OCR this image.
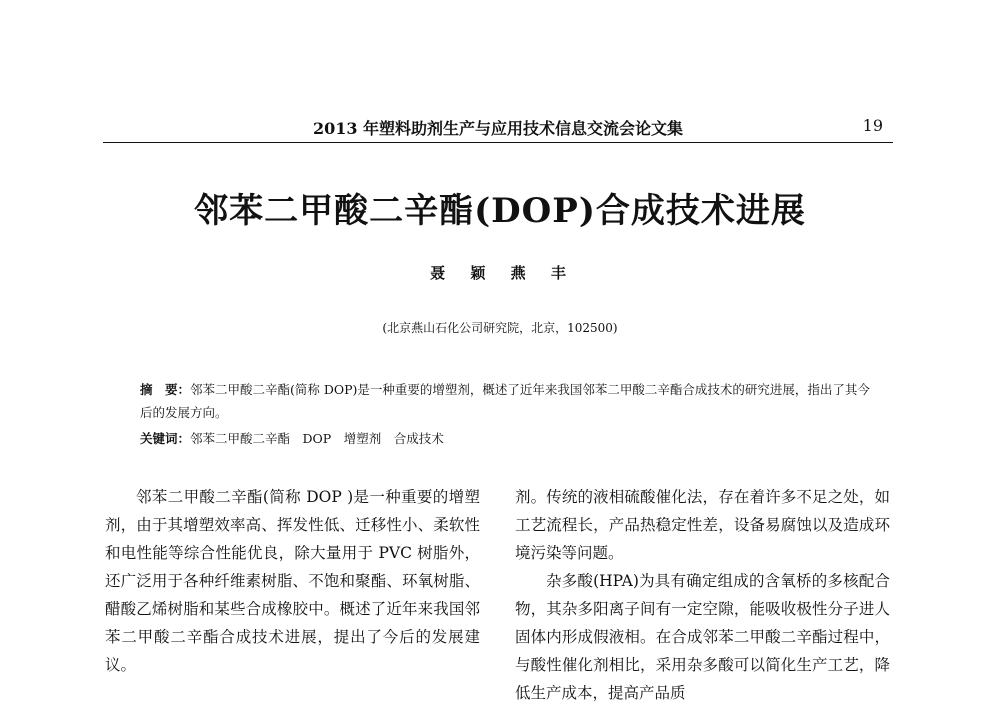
2013 年塑料助剂生产与应用技术信息交流会论文集	19
邻苯二甲酸二辛酯(DOP)合成技术进展
聂 颖 燕 丰
(北京燕山石化公司研究院，北京，102500)
摘　要：邻苯二甲酸二辛酯(简称 DOP)是一种重要的增塑剂，概述了近年来我国邻苯二甲酸二辛酯合成技术的研究进展，指出了其今后的发展方向。
关键词：邻苯二甲酸二辛酯　DOP　增塑剂　合成技术

邻苯二甲酸二辛酯(简称 DOP )是一种重要的增塑剂，由于其增塑效率高、挥发性低、迁移性小、柔软性和电性能等综合性能优良，除大量用于 PVC 树脂外，还广泛用于各种纤维素树脂、不饱和聚酯、环氧树脂、醋酸乙烯树脂和某些合成橡胶中。概述了近年来我国邻苯二甲酸二辛酯合成技术进展，提出了今后的发展建议。

剂。传统的液相硫酸催化法，存在着许多不足之处，如工艺流程长，产品热稳定性差，设备易腐蚀以及造成环境污染等问题。

杂多酸(HPA)为具有确定组成的含氧桥的多核配合物，其杂多阳离子间有一定空隙，能吸收极性分子进人固体内形成假液相。在合成邻苯二甲酸二辛酯过程中，与酸性催化剂相比，采用杂多酸可以简化生产工艺，降低生产成本，提高产品质
